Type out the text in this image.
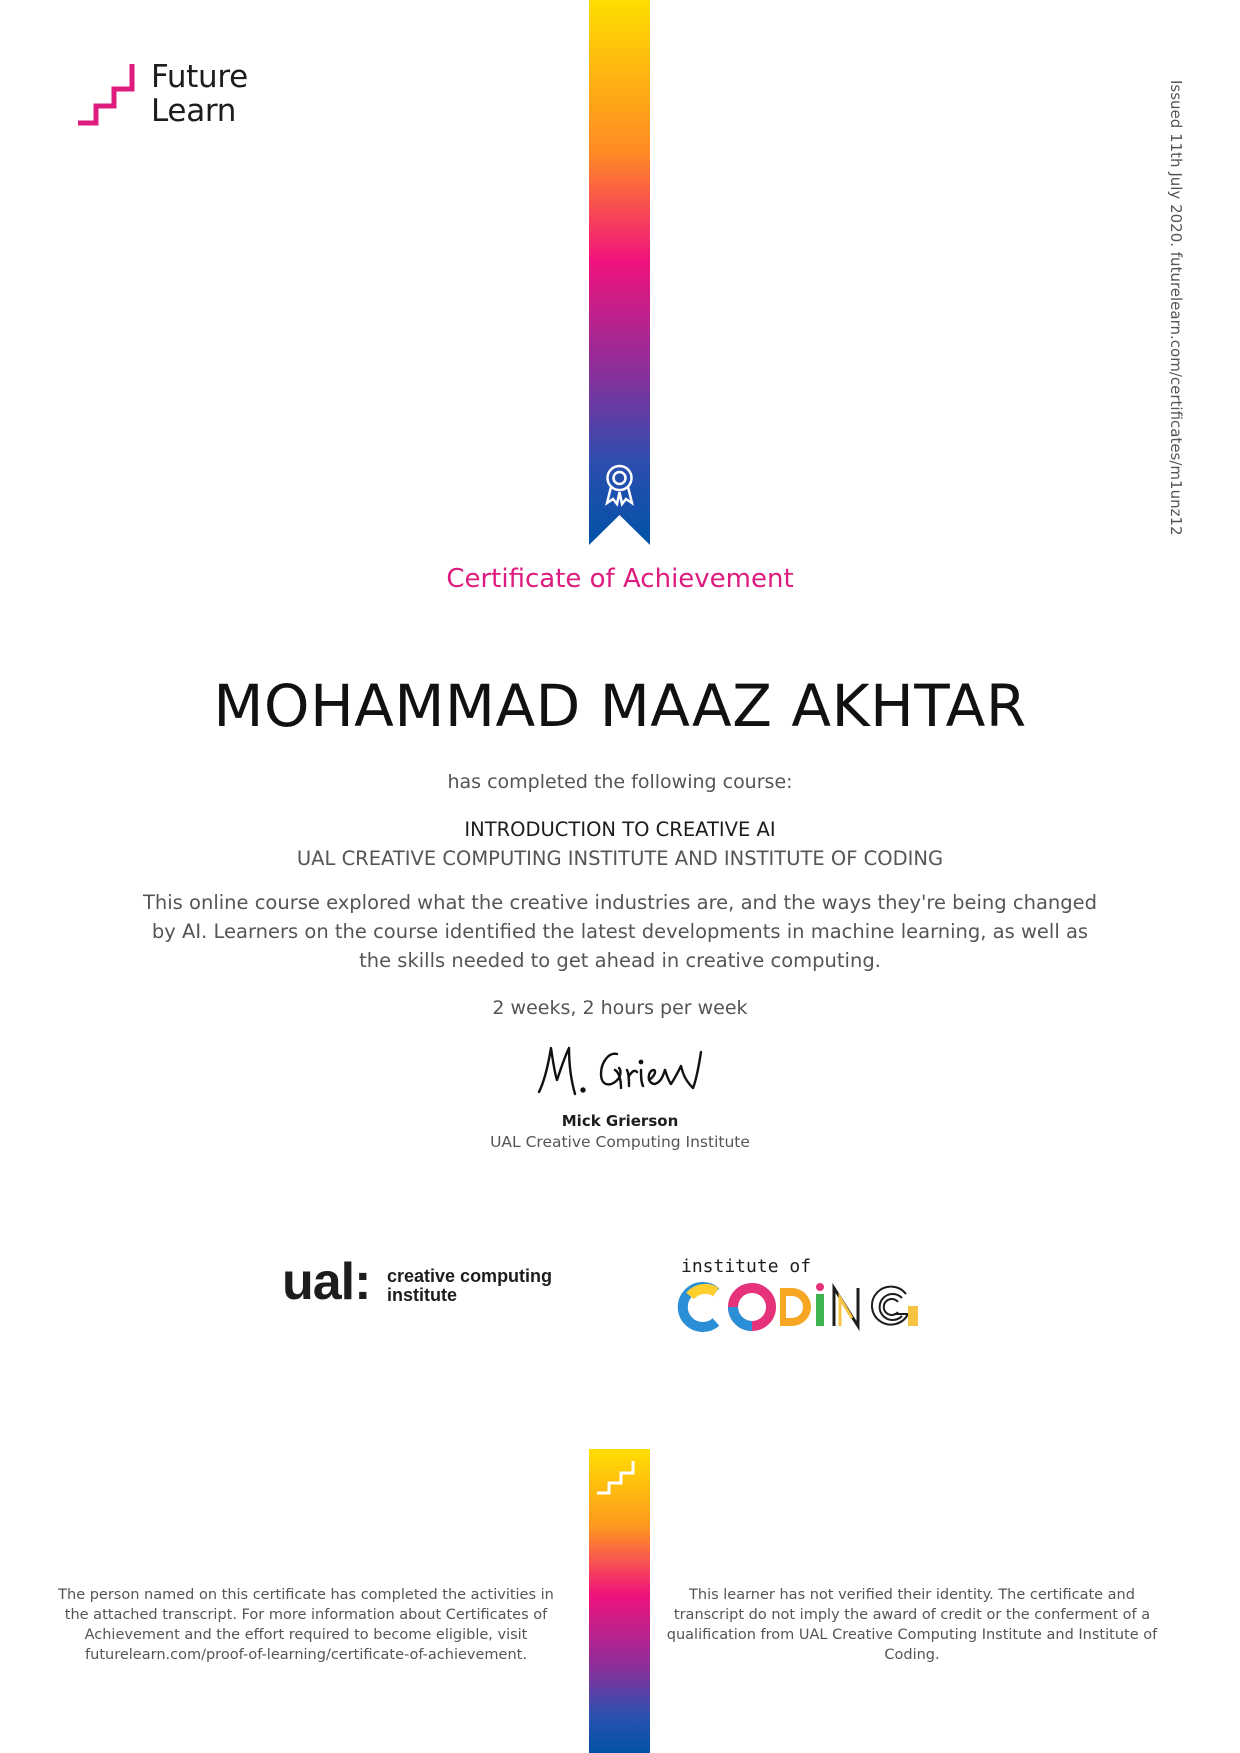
Future
Learn	Issued 11th July 2020. futurelearn.com/certificates/m1unz12
Certificate of Achievement
MOHAMMAD MAAZ AKHTAR
has completed the following course:
INTRODUCTION TO CREATIVE AI
UAL CREATIVE COMPUTING INSTITUTE AND INSTITUTE OF CODING
This online course explored what the creative industries are, and the ways they're being changed by AI. Learners on the course identified the latest developments in machine learning, as well as the skills needed to get ahead in creative computing.
2 weeks, 2 hours per week
Mick Grierson
UAL Creative Computing Institute
ual: creative computing
institute
institute of
The person named on this certificate has completed the activities in the attached transcript. For more information about Certificates of Achievement and the effort required to become eligible, visit futurelearn.com/proof-of-learning/certificate-of-achievement.
This learner has not verified their identity. The certificate and transcript do not imply the award of credit or the conferment of a qualification from UAL Creative Computing Institute and Institute of Coding.
